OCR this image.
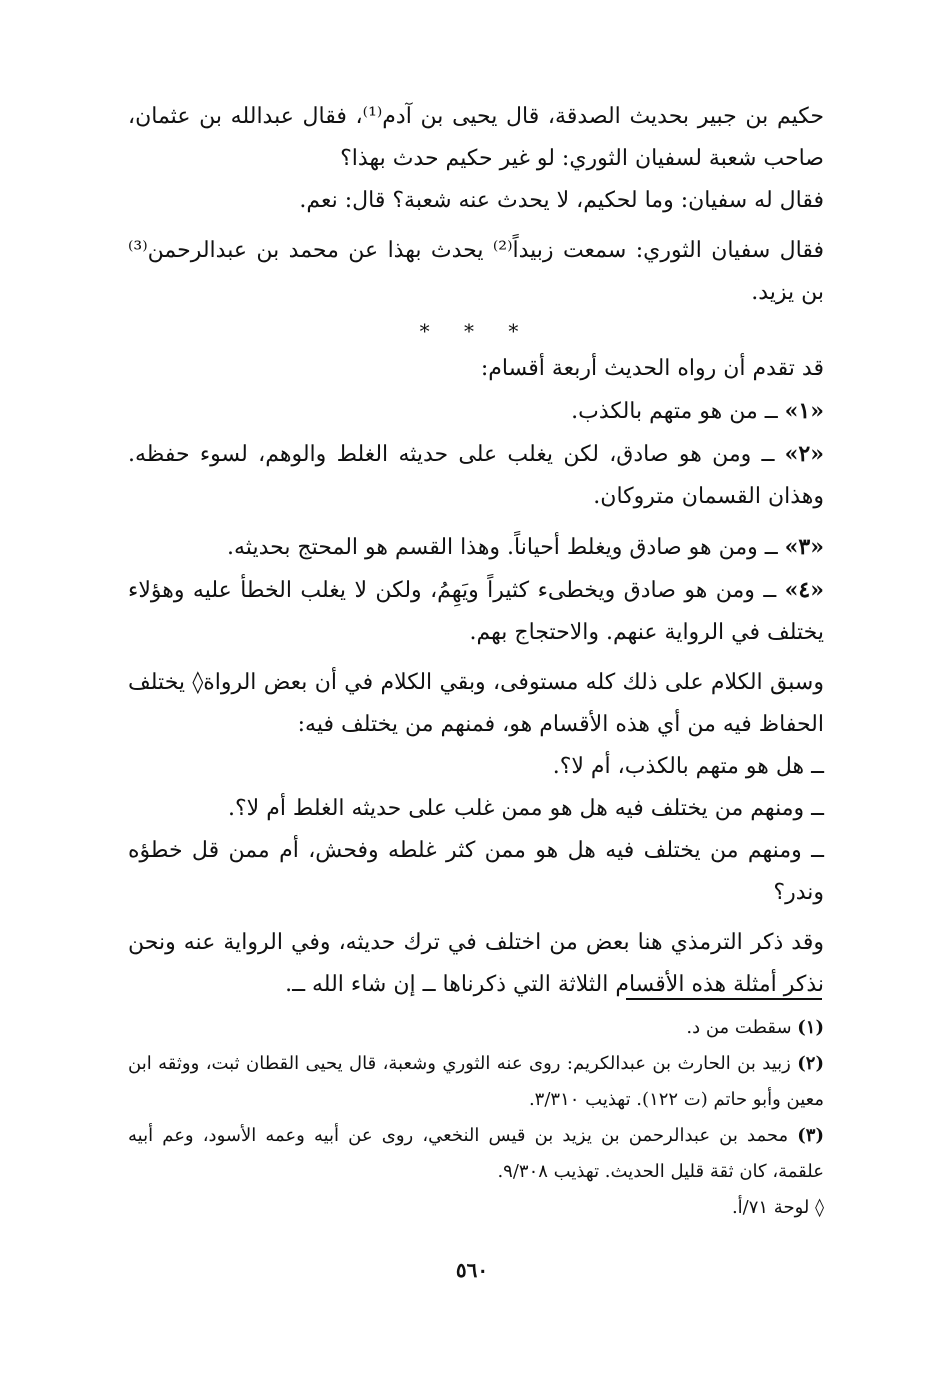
حكيم بن جبير بحديث الصدقة، قال يحيى بن آدم⁽¹⁾، فقال عبدالله بن عثمان، صاحب شعبة لسفيان الثوري: لو غير حكيم حدث بهذا؟

فقال له سفيان: وما لحكيم، لا يحدث عنه شعبة؟ قال: نعم.

فقال سفيان الثوري: سمعت زبيداً⁽²⁾ يحدث بهذا عن محمد بن عبدالرحمن⁽³⁾ بن يزيد.

* * *

قد تقدم أن رواه الحديث أربعة أقسام:

«١» ــ من هو متهم بالكذب.

«٢» ــ ومن هو صادق، لكن يغلب على حديثه الغلط والوهم، لسوء حفظه. وهذان القسمان متروكان.

«٣» ــ ومن هو صادق ويغلط أحياناً. وهذا القسم هو المحتج بحديثه.

«٤» ــ ومن هو صادق ويخطىء كثيراً ويَهِمُ، ولكن لا يغلب الخطأ عليه وهؤلاء يختلف في الرواية عنهم. والاحتجاج بهم.

وسبق الكلام على ذلك كله مستوفى، وبقي الكلام في أن بعض الرواة◊ يختلف الحفاظ فيه من أي هذه الأقسام هو، فمنهم من يختلف فيه:

ــ هل هو متهم بالكذب، أم لا؟.

ــ ومنهم من يختلف فيه هل هو ممن غلب على حديثه الغلط أم لا؟.

ــ ومنهم من يختلف فيه هل هو ممن كثر غلطه وفحش، أم ممن قل خطؤه وندر؟

وقد ذكر الترمذي هنا بعض من اختلف في ترك حديثه، وفي الرواية عنه ونحن نذكر أمثلة هذه الأقسام الثلاثة التي ذكرناها ــ إن شاء الله ــ.

(١) سقطت من د.

(٢) زبيد بن الحارث بن عبدالكريم: روى عنه الثوري وشعبة، قال يحيى القطان ثبت، ووثقه ابن معين وأبو حاتم (ت ١٢٢). تهذيب ٣/٣١٠.

(٣) محمد بن عبدالرحمن بن يزيد بن قيس النخعي، روى عن أبيه وعمه الأسود، وعم أبيه علقمة، كان ثقة قليل الحديث. تهذيب ٩/٣٠٨.

◊ لوحة ٧١/أ.

٥٦٠
